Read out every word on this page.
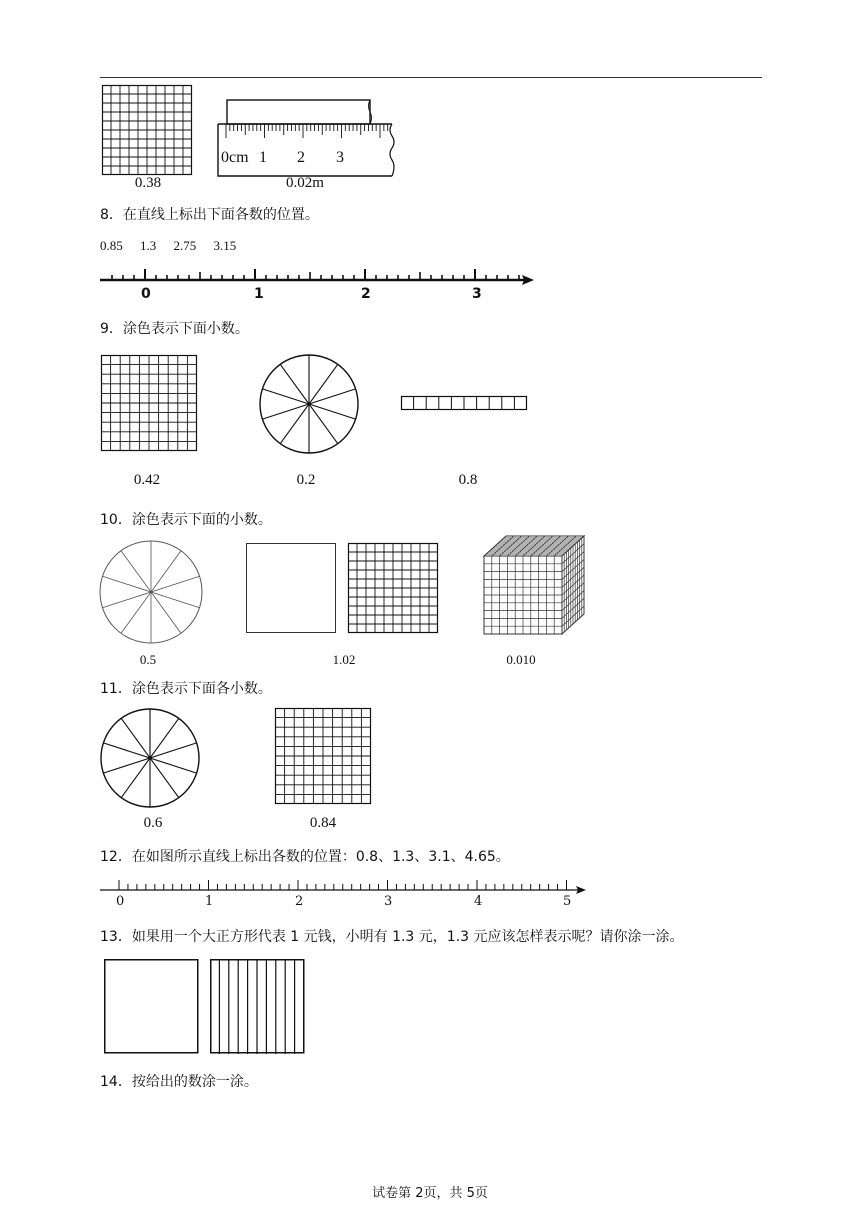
0.38
0cm 1 2 3
0.02m
8．在直线上标出下面各数的位置。
0.85 1.3 2.75 3.15
0	1	2	3
9．涂色表示下面小数。
0.42	0.2	0.8
10．涂色表示下面的小数。
0.5	1.02	0.010
11．涂色表示下面各小数。
0.6	0.84
12．在如图所示直线上标出各数的位置：0.8、1.3、3.1、4.65。
0	1	2	3	4	5
13．如果用一个大正方形代表 1 元钱，小明有 1.3 元，1.3 元应该怎样表示呢？请你涂一涂。
14．按给出的数涂一涂。
试卷第 2页，共 5页
